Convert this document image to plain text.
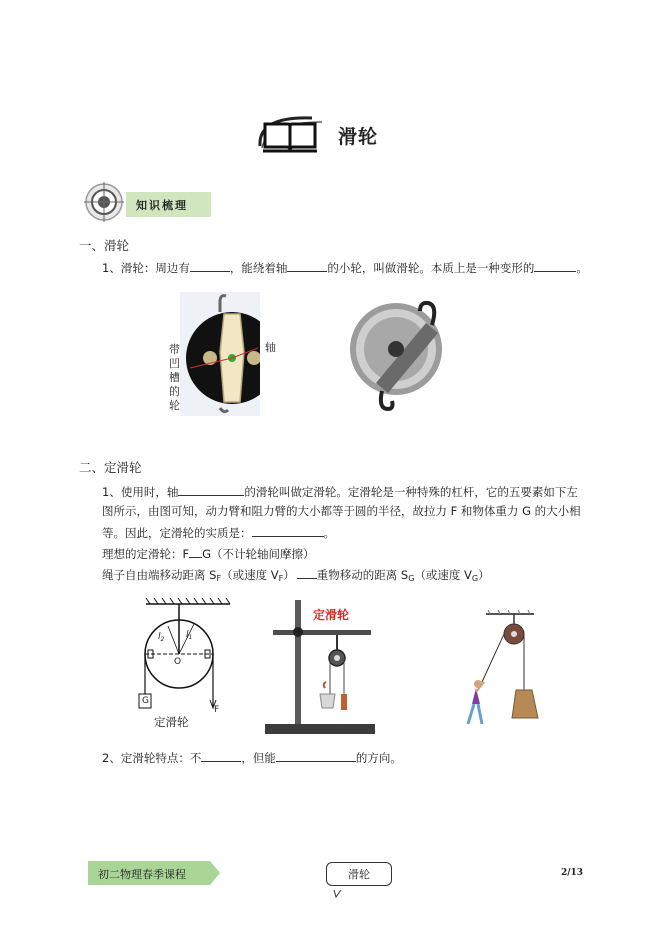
滑轮
知识梳理
一、滑轮
1、滑轮：周边有	，能绕着轴	的小轮，叫做滑轮。本质上是一种变形的	。
带凹槽的轮
轴
二、定滑轮
1、使用时，轴	的滑轮叫做定滑轮。定滑轮是一种特殊的杠杆，它的五要素如下左
图所示，由图可知，动力臂和阻力臂的大小都等于圆的半径，故拉力 F 和物体重力 G 的大小相
等。因此，定滑轮的实质是：	。
理想的定滑轮：F G（不计轮轴间摩擦）
绳子自由端移动距离 $S_F$（或速度 $V_F$） 重物移动的距离 $S_G$（或速度 $V_G$）
$l_2$ $l_1$
O
G
F
定滑轮
定滑轮
2、定滑轮特点：不	，但能	的方向。
初二物理春季课程	滑轮	2/13
